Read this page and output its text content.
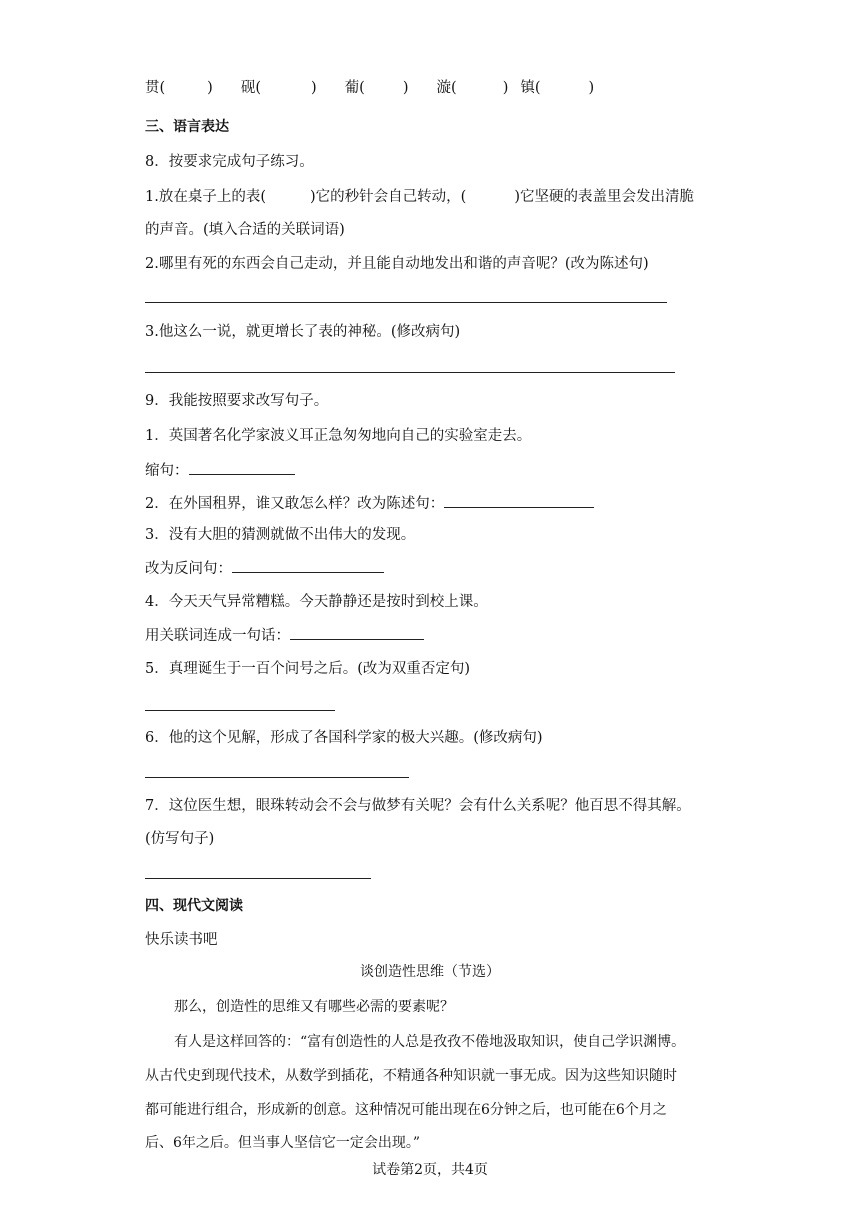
贯(	) 砚(	) 葡(	) 漩(	) 镇(	)
三、语言表达
8．按要求完成句子练习。
1.放在桌子上的表(	)它的秒针会自己转动，(	)它坚硬的表盖里会发出清脆
的声音。(填入合适的关联词语)
2.哪里有死的东西会自己走动，并且能自动地发出和谐的声音呢？(改为陈述句)
3.他这么一说，就更增长了表的神秘。(修改病句)
9．我能按照要求改写句子。
1．英国著名化学家波义耳正急匆匆地向自己的实验室走去。
缩句：
2．在外国租界，谁又敢怎么样？改为陈述句：
3．没有大胆的猜测就做不出伟大的发现。
改为反问句：
4．今天天气异常糟糕。今天静静还是按时到校上课。
用关联词连成一句话：
5．真理诞生于一百个问号之后。(改为双重否定句)
6．他的这个见解，形成了各国科学家的极大兴趣。(修改病句)
7．这位医生想，眼珠转动会不会与做梦有关呢？会有什么关系呢？他百思不得其解。
(仿写句子)
四、现代文阅读
快乐读书吧
谈创造性思维（节选）
那么，创造性的思维又有哪些必需的要素呢？
有人是这样回答的：“富有创造性的人总是孜孜不倦地汲取知识，使自己学识渊博。
从古代史到现代技术，从数学到插花，不精通各种知识就一事无成。因为这些知识随时
都可能进行组合，形成新的创意。这种情况可能出现在6分钟之后，也可能在6个月之
后、6年之后。但当事人坚信它一定会出现。”
试卷第2页，共4页
